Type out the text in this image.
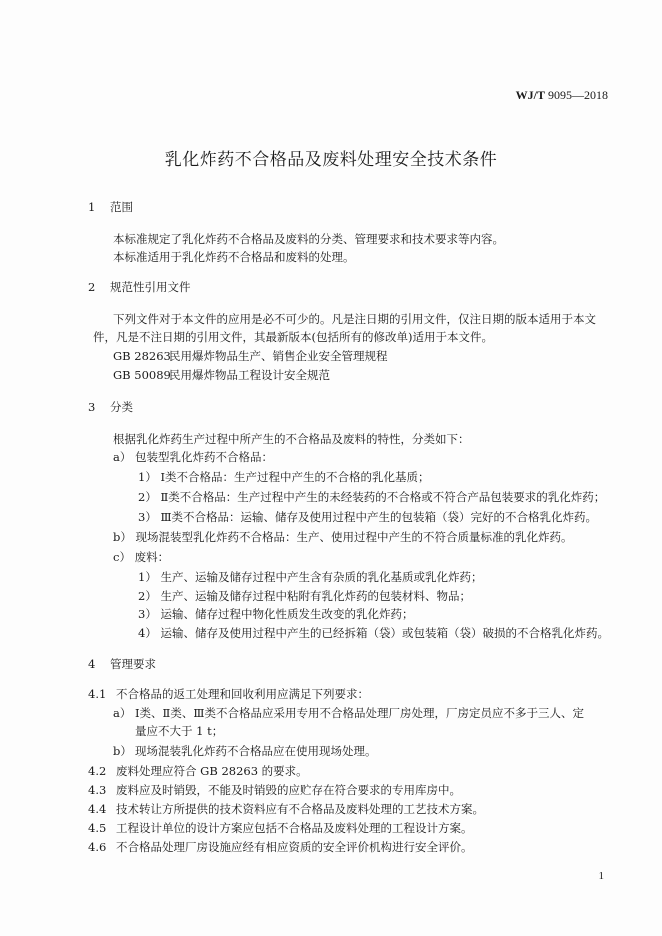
WJ/T 9095—2018
乳化炸药不合格品及废料处理安全技术条件
1 范围
本标准规定了乳化炸药不合格品及废料的分类、管理要求和技术要求等内容。
本标准适用于乳化炸药不合格品和废料的处理。
2 规范性引用文件
下列文件对于本文件的应用是必不可少的。凡是注日期的引用文件，仅注日期的版本适用于本文
件，凡是不注日期的引用文件，其最新版本(包括所有的修改单)适用于本文件。
GB 28263民用爆炸物品生产、销售企业安全管理规程
GB 50089民用爆炸物品工程设计安全规范
3 分类
根据乳化炸药生产过程中所产生的不合格品及废料的特性，分类如下：
a） 包装型乳化炸药不合格品：
1） Ⅰ类不合格品：生产过程中产生的不合格的乳化基质；
2） Ⅱ类不合格品：生产过程中产生的未经装药的不合格或不符合产品包装要求的乳化炸药；
3） Ⅲ类不合格品：运输、储存及使用过程中产生的包装箱（袋）完好的不合格乳化炸药。
b） 现场混装型乳化炸药不合格品：生产、使用过程中产生的不符合质量标准的乳化炸药。
c） 废料：
1） 生产、运输及储存过程中产生含有杂质的乳化基质或乳化炸药；
2） 生产、运输及储存过程中粘附有乳化炸药的包装材料、物品；
3） 运输、储存过程中物化性质发生改变的乳化炸药；
4） 运输、储存及使用过程中产生的已经拆箱（袋）或包装箱（袋）破损的不合格乳化炸药。
4 管理要求
4.1 不合格品的返工处理和回收利用应满足下列要求：
a） Ⅰ类、Ⅱ类、Ⅲ类不合格品应采用专用不合格品处理厂房处理，厂房定员应不多于三人、定
量应不大于 1 t；
b） 现场混装乳化炸药不合格品应在使用现场处理。
4.2 废料处理应符合 GB 28263 的要求。
4.3 废料应及时销毁，不能及时销毁的应贮存在符合要求的专用库房中。
4.4 技术转让方所提供的技术资料应有不合格品及废料处理的工艺技术方案。
4.5 工程设计单位的设计方案应包括不合格品及废料处理的工程设计方案。
4.6 不合格品处理厂房设施应经有相应资质的安全评价机构进行安全评价。
1
